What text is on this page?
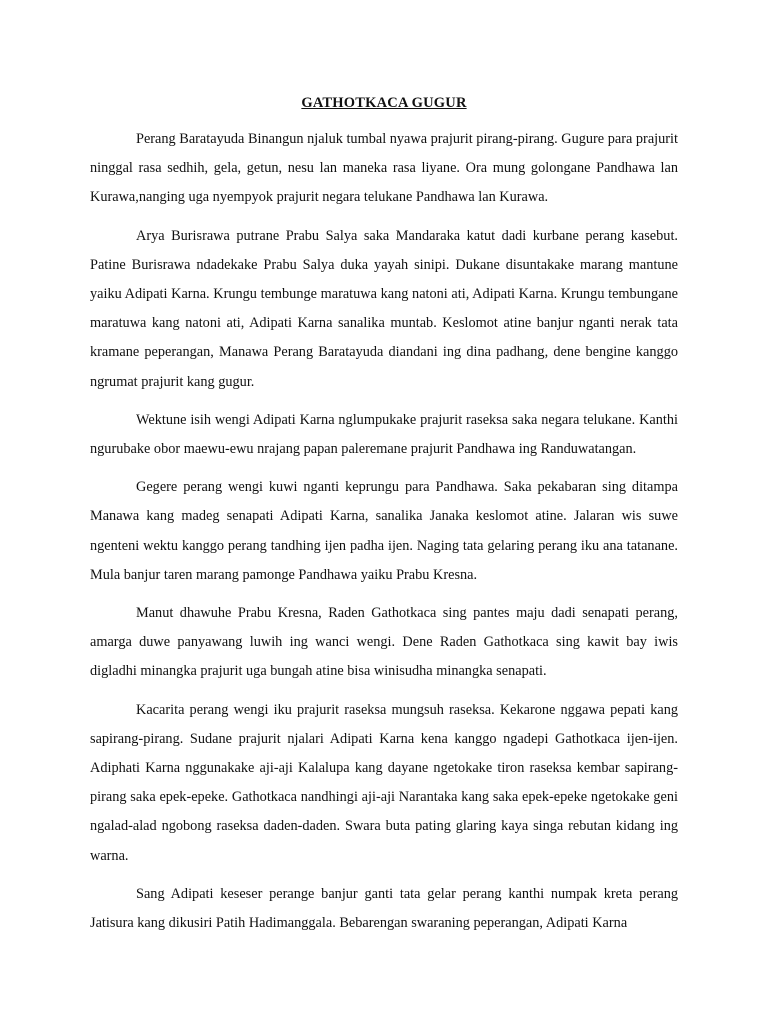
GATHOTKACA GUGUR

Perang Baratayuda Binangun njaluk tumbal nyawa prajurit pirang-pirang. Gugure para prajurit ninggal rasa sedhih, gela, getun, nesu lan maneka rasa liyane. Ora mung golongane Pandhawa lan Kurawa,nanging uga nyempyok prajurit negara telukane Pandhawa lan Kurawa.

Arya Burisrawa putrane Prabu Salya saka Mandaraka katut dadi kurbane perang kasebut. Patine Burisrawa ndadekake Prabu Salya duka yayah sinipi. Dukane disuntakake marang mantune yaiku Adipati Karna. Krungu tembunge maratuwa kang natoni ati, Adipati Karna. Krungu tembungane maratuwa kang natoni ati, Adipati Karna sanalika muntab. Keslomot atine banjur nganti nerak tata kramane peperangan, Manawa Perang Baratayuda diandani ing dina padhang, dene bengine kanggo ngrumat prajurit kang gugur.

Wektune isih wengi Adipati Karna nglumpukake prajurit raseksa saka negara telukane. Kanthi ngurubake obor maewu-ewu nrajang papan paleremane prajurit Pandhawa ing Randuwatangan.

Gegere perang wengi kuwi nganti keprungu para Pandhawa. Saka pekabaran sing ditampa Manawa kang madeg senapati Adipati Karna, sanalika Janaka keslomot atine. Jalaran wis suwe ngenteni wektu kanggo perang tandhing ijen padha ijen. Naging tata gelaring perang iku ana tatanane. Mula banjur taren marang pamonge Pandhawa yaiku Prabu Kresna.

Manut dhawuhe Prabu Kresna, Raden Gathotkaca sing pantes maju dadi senapati perang, amarga duwe panyawang luwih ing wanci wengi. Dene Raden Gathotkaca sing kawit bay iwis digladhi minangka prajurit uga bungah atine bisa winisudha minangka senapati.

Kacarita perang wengi iku prajurit raseksa mungsuh raseksa. Kekarone nggawa pepati kang sapirang-pirang. Sudane prajurit njalari Adipati Karna kena kanggo ngadepi Gathotkaca ijen-ijen. Adiphati Karna nggunakake aji-aji Kalalupa kang dayane ngetokake tiron raseksa kembar sapirang-pirang saka epek-epeke. Gathotkaca nandhingi aji-aji Narantaka kang saka epek-epeke ngetokake geni ngalad-alad ngobong raseksa daden-daden. Swara buta pating glaring kaya singa rebutan kidang ing warna.

Sang Adipati keseser perange banjur ganti tata gelar perang kanthi numpak kreta perang Jatisura kang dikusiri Patih Hadimanggala. Bebarengan swaraning peperangan, Adipati Karna
